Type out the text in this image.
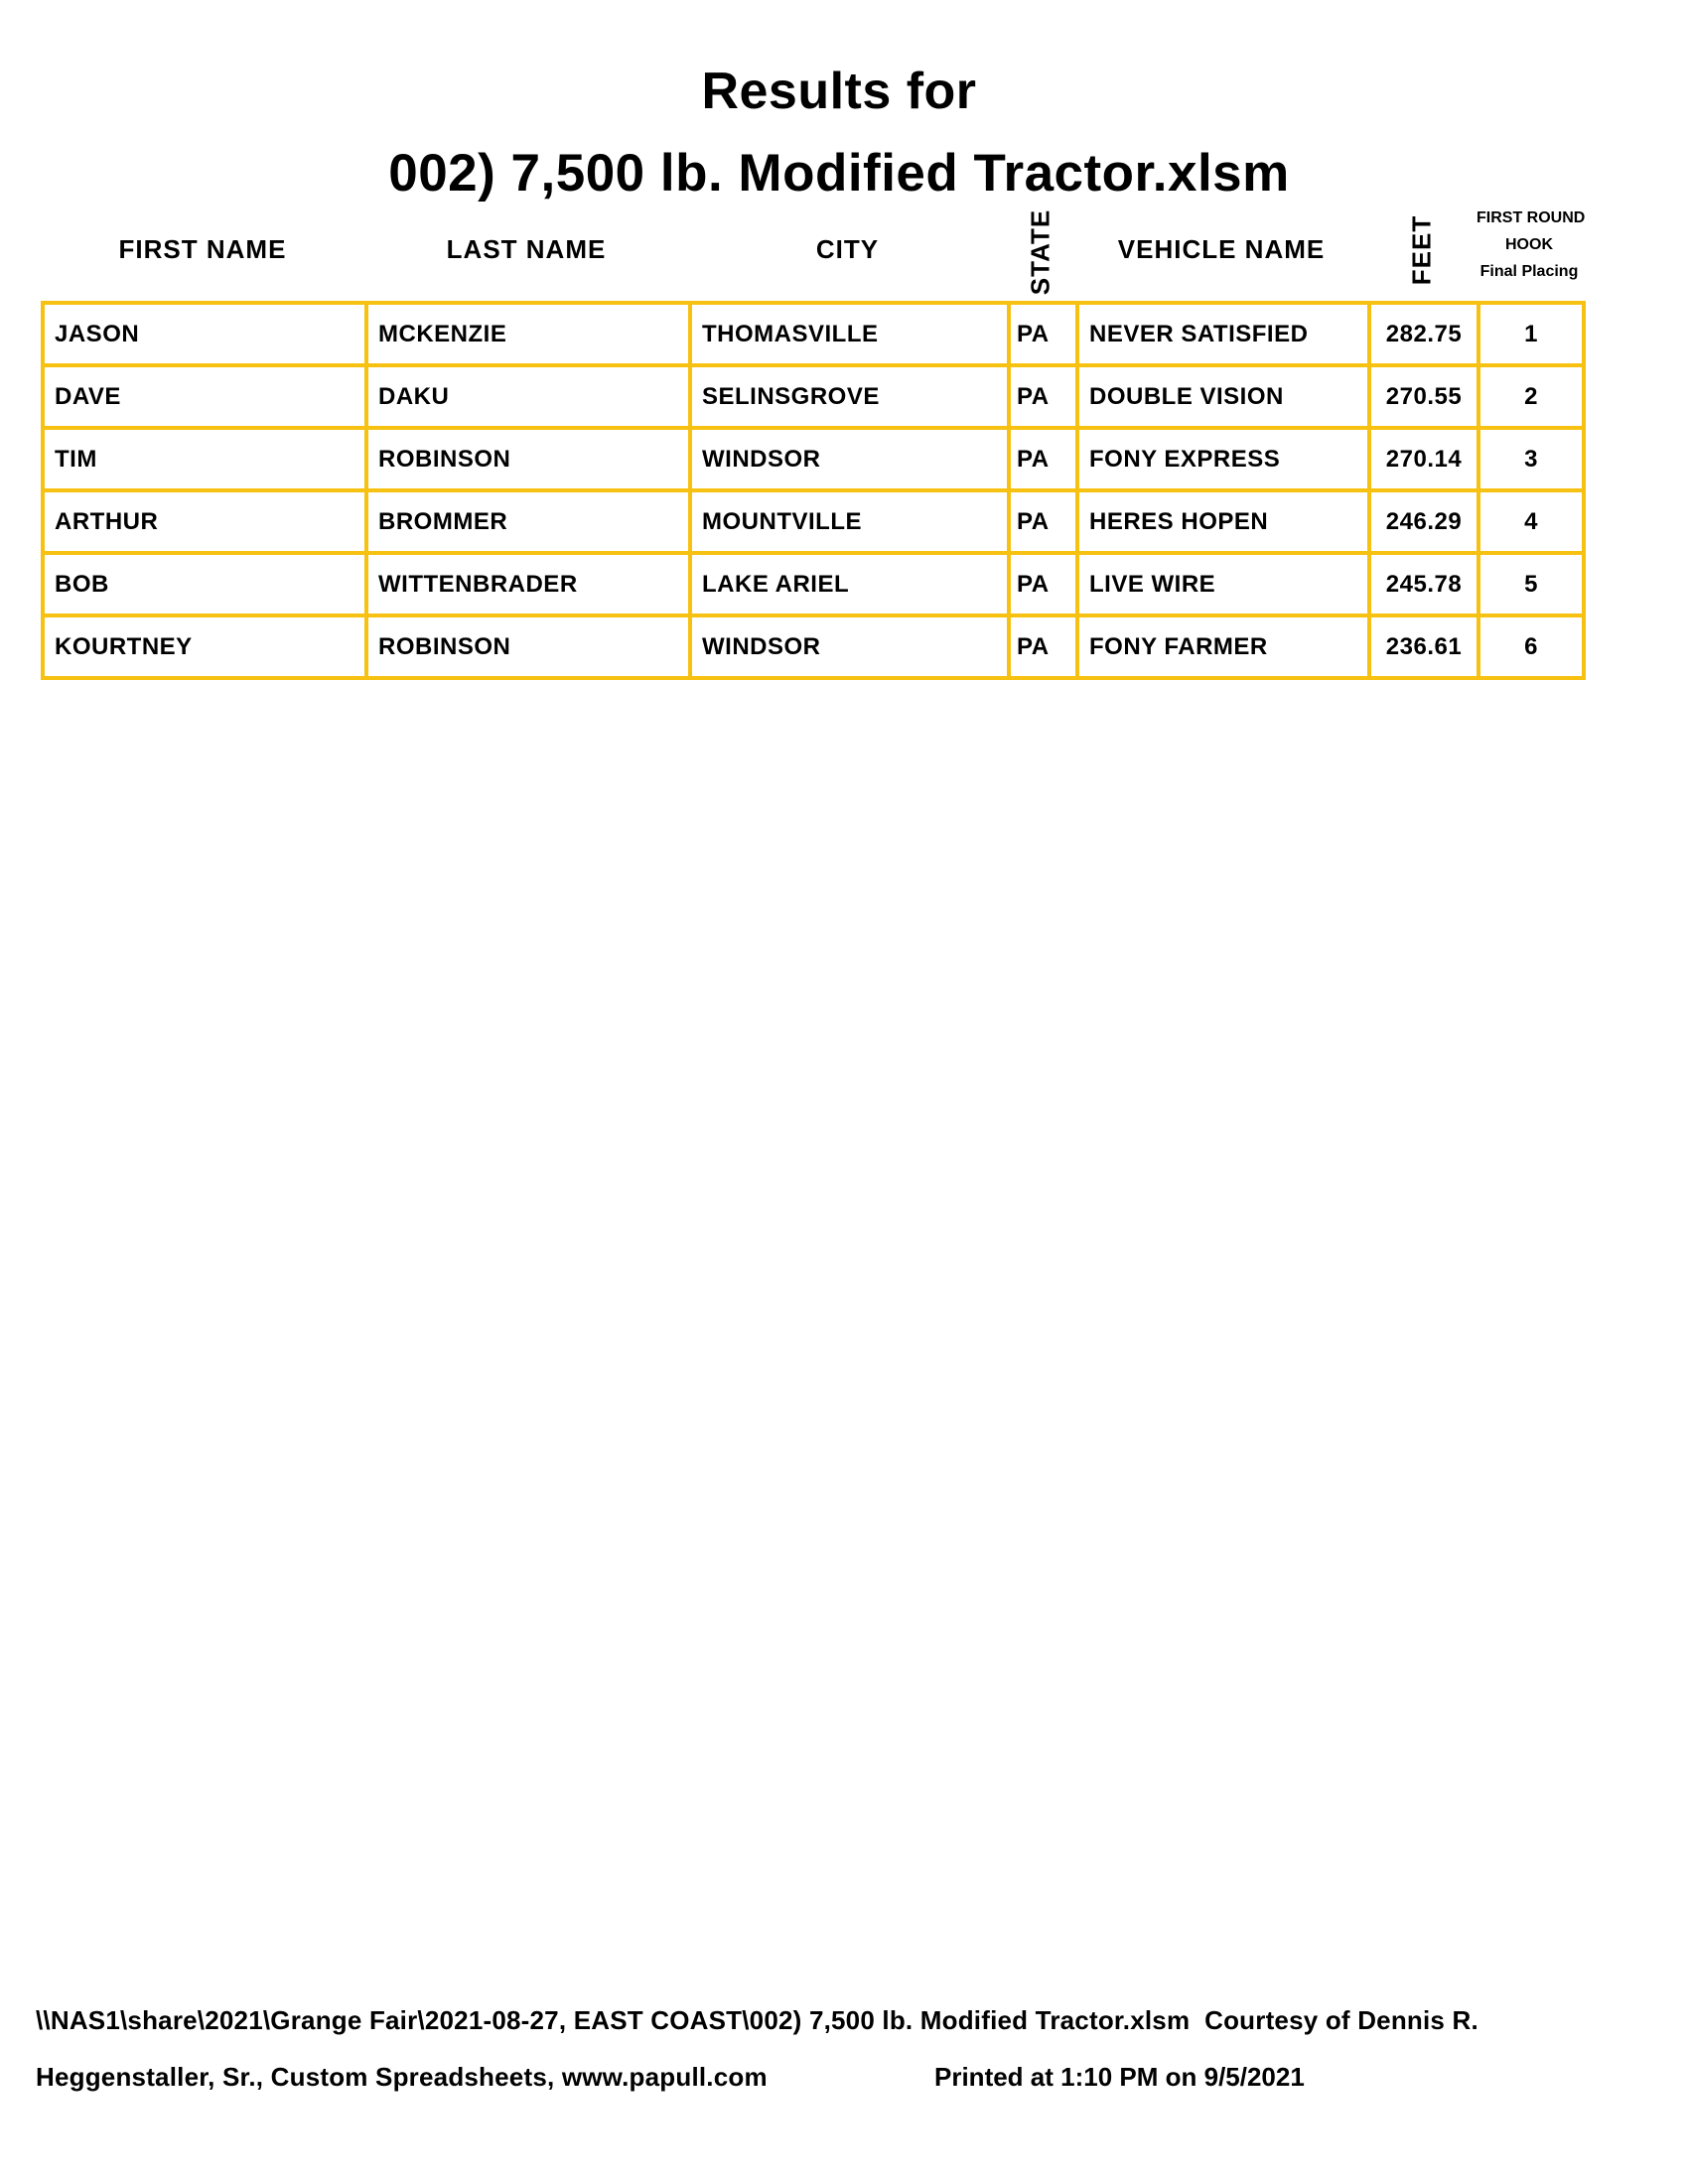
Results for
002) 7,500 lb. Modified Tractor.xlsm
FIRST NAME	LAST NAME	CITY	STATE	VEHICLE NAME	FEET	FIRST ROUND
HOOK
Final Placing
JASON	MCKENZIE	THOMASVILLE	PA	NEVER SATISFIED	282.75	1
DAVE	DAKU	SELINSGROVE	PA	DOUBLE VISION	270.55	2
TIM	ROBINSON	WINDSOR	PA	FONY EXPRESS	270.14	3
ARTHUR	BROMMER	MOUNTVILLE	PA	HERES HOPEN	246.29	4
BOB	WITTENBRADER	LAKE ARIEL	PA	LIVE WIRE	245.78	5
KOURTNEY	ROBINSON	WINDSOR	PA	FONY FARMER	236.61	6
\\NAS1\share\2021\Grange Fair\2021-08-27, EAST COAST\002) 7,500 lb. Modified Tractor.xlsm  Courtesy of Dennis R.
Heggenstaller, Sr., Custom Spreadsheets, www.papull.com	Printed at 1:10 PM on 9/5/2021
